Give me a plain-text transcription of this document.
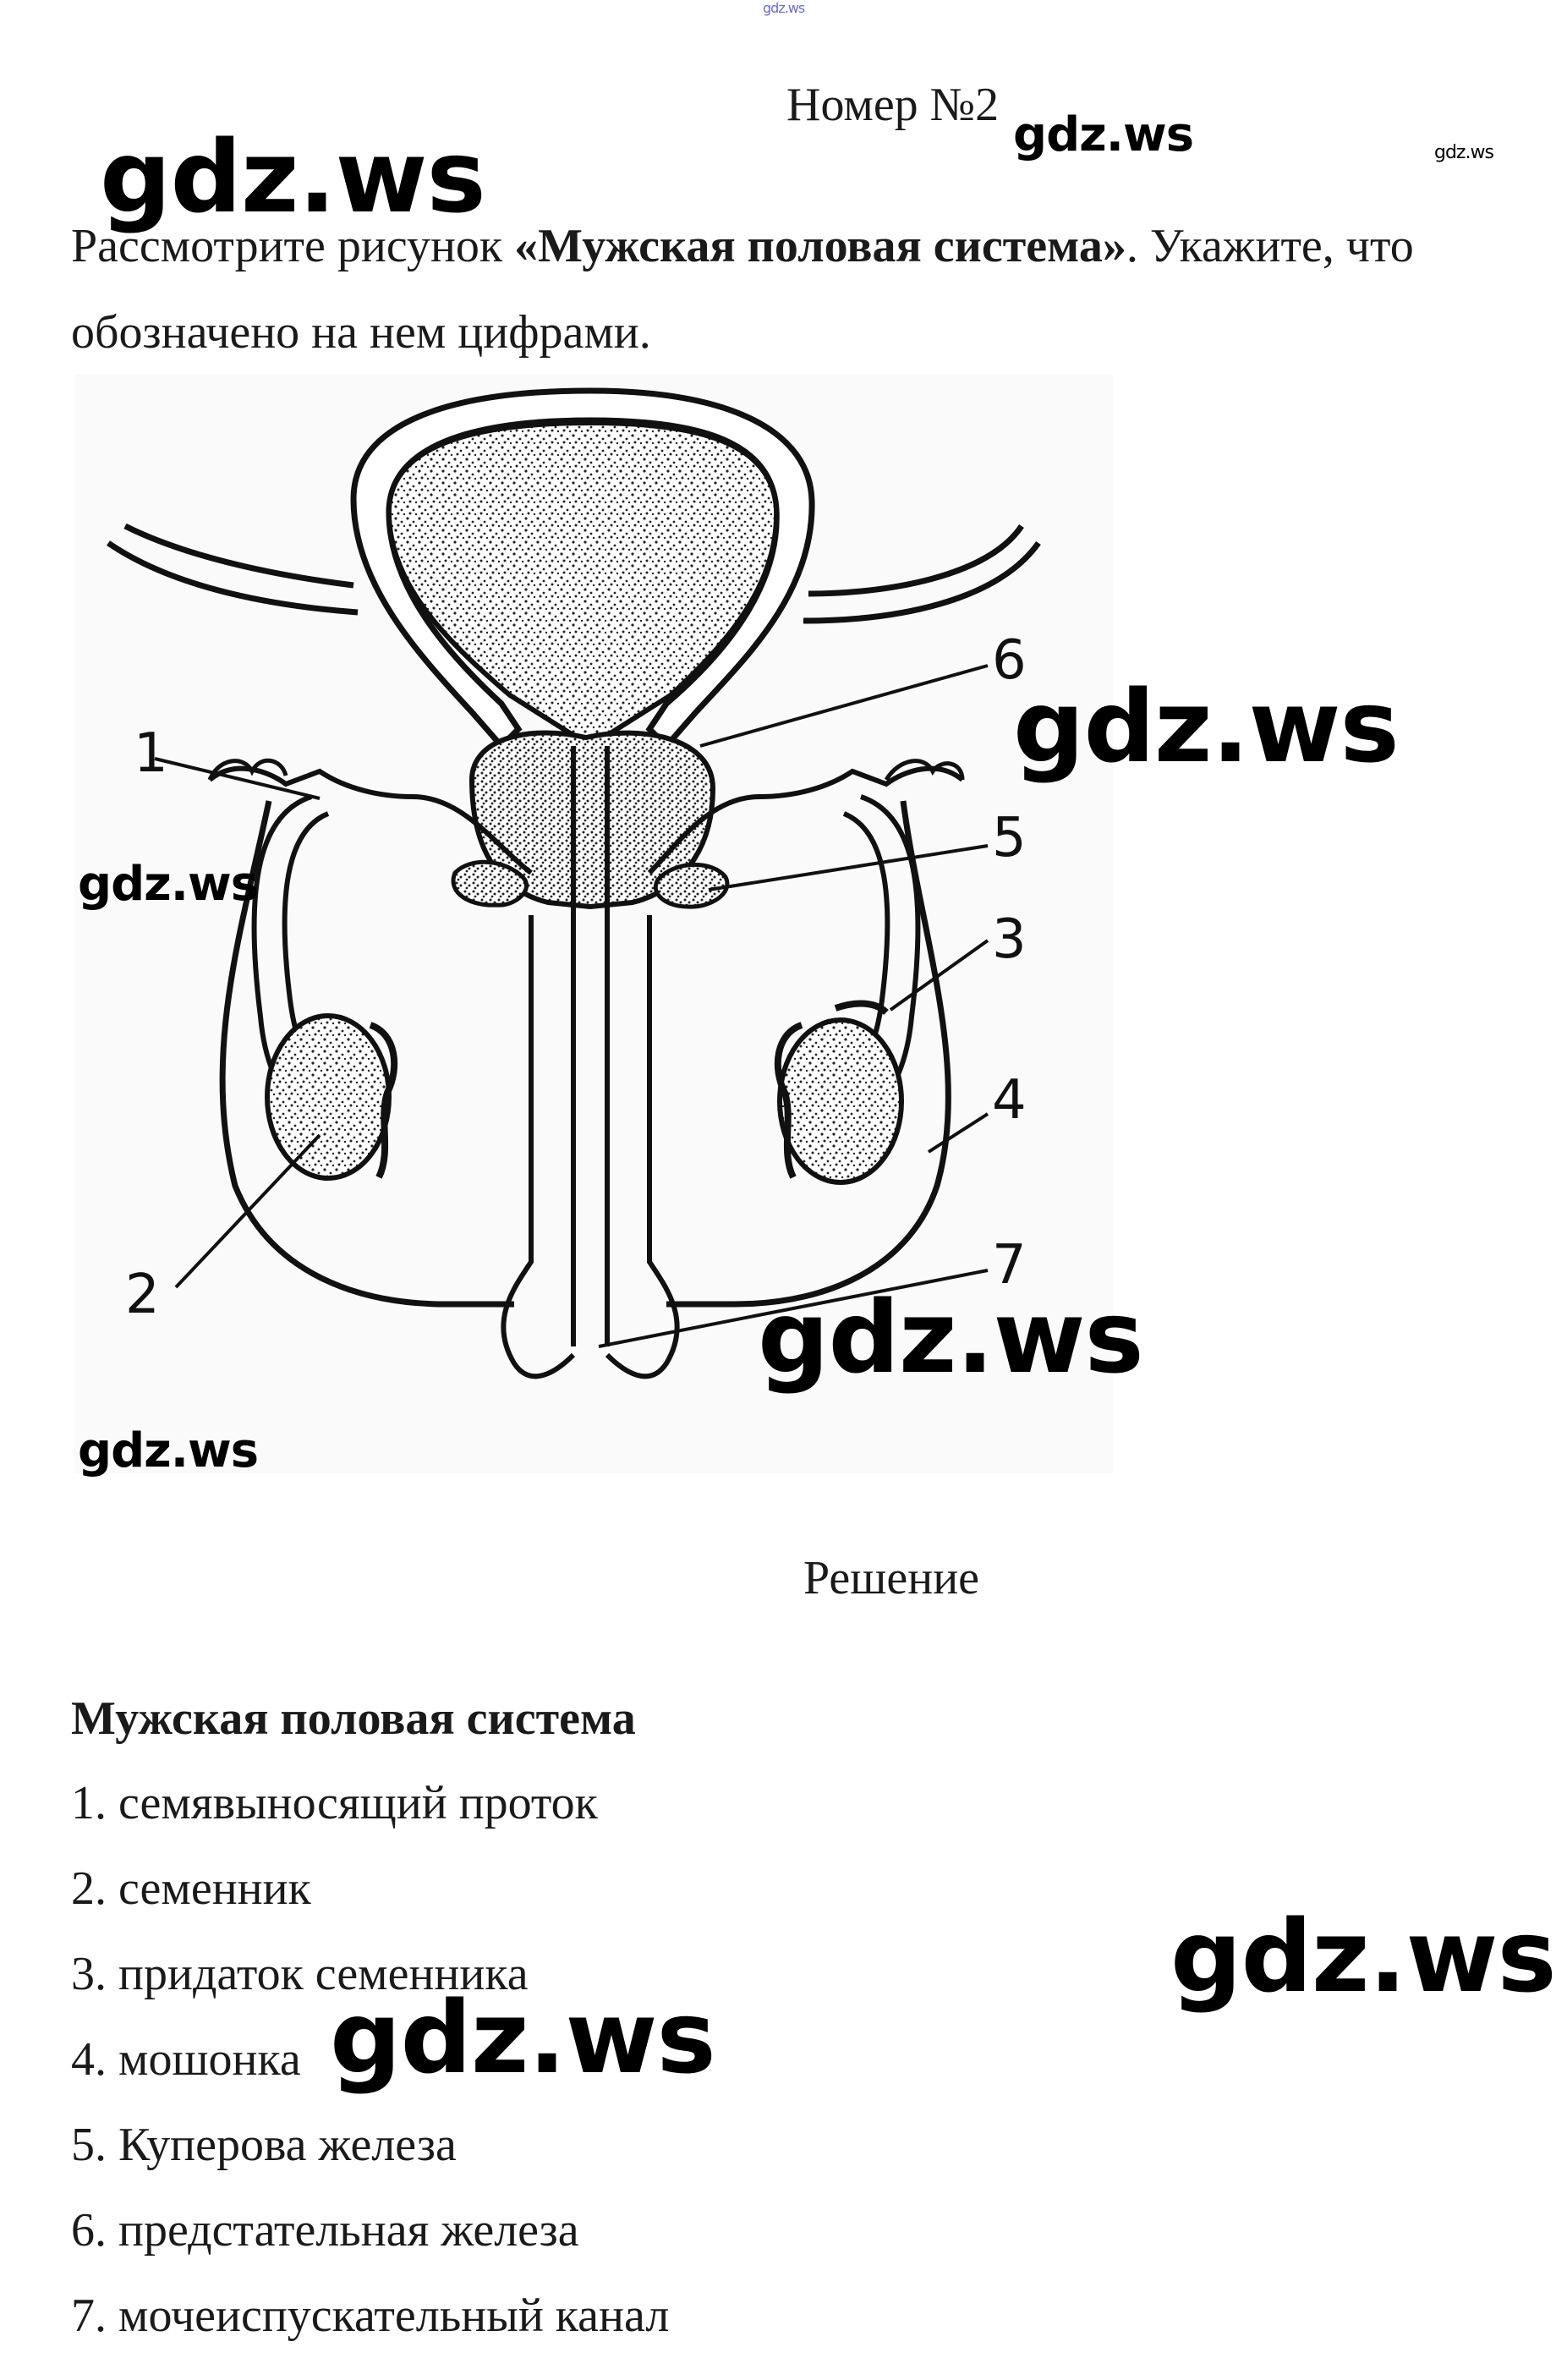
gdz.ws
Номер №2
gdz.ws	gdz.ws	gdz.ws
Рассмотрите рисунок «Мужская половая система». Укажите, что обозначено на нем цифрами.
1
2
3
4
5
6
7
gdz.ws
gdz.ws
gdz.ws
gdz.ws
Решение
Мужская половая система
1. семявыносящий проток
2. семенник
3. придаток семенника
4. мошонка
5. Куперова железа
6. предстательная железа
7. мочеиспускательный канал
gdz.ws
gdz.ws
